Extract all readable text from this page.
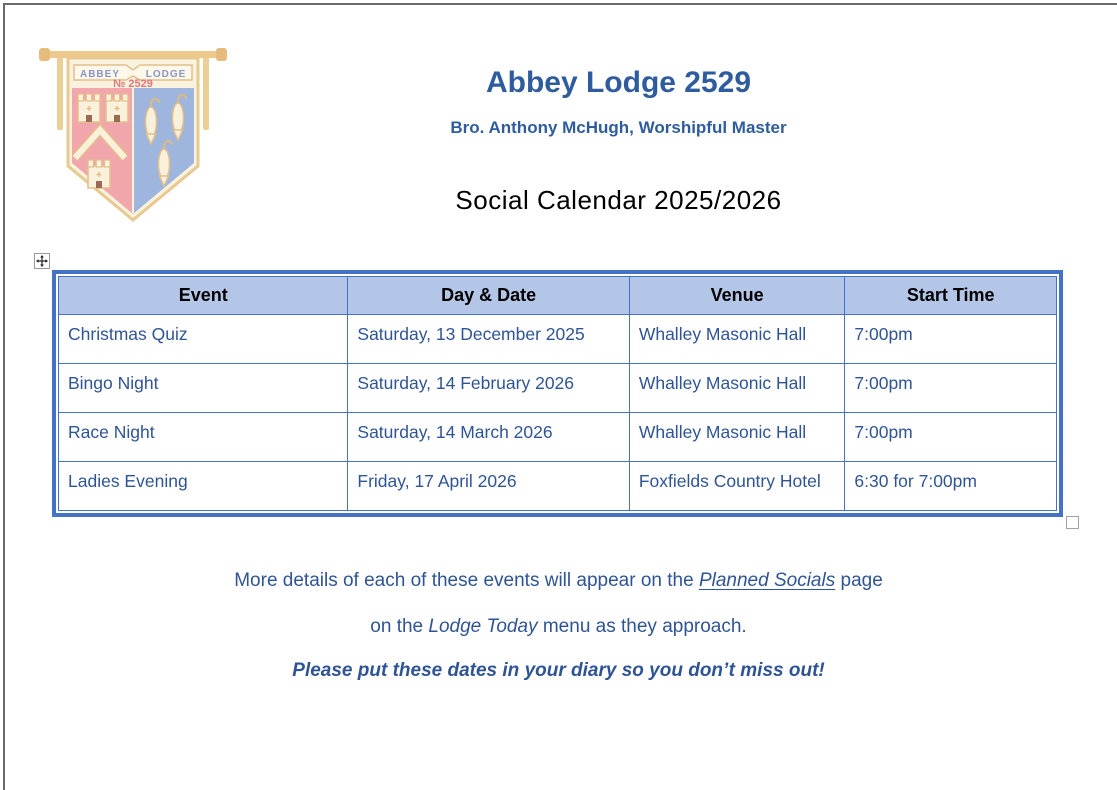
ABBEY	LODGE
№ 2529	Abbey Lodge 2529
Bro. Anthony McHugh, Worshipful Master
Social Calendar 2025/2026
Event	Day & Date	Venue	Start Time
Christmas Quiz	Saturday, 13 December 2025	Whalley Masonic Hall	7:00pm
Bingo Night	Saturday, 14 February 2026	Whalley Masonic Hall	7:00pm
Race Night	Saturday, 14 March 2026	Whalley Masonic Hall	7:00pm
Ladies Evening	Friday, 17 April 2026	Foxfields Country Hotel	6:30 for 7:00pm
More details of each of these events will appear on the Planned Socials page
on the Lodge Today menu as they approach.
Please put these dates in your diary so you don’t miss out!
